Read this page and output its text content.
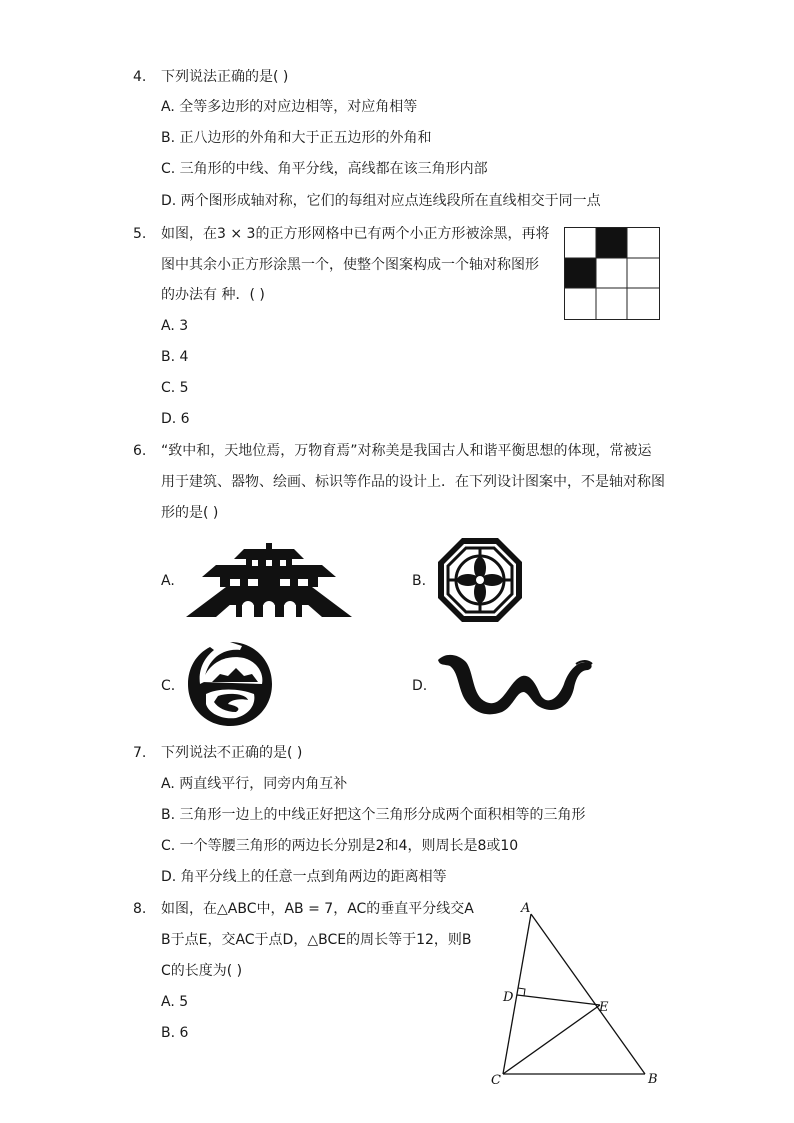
4. 下列说法正确的是( )
A. 全等多边形的对应边相等，对应角相等
B. 正八边形的外角和大于正五边形的外角和
C. 三角形的中线、角平分线，高线都在该三角形内部
D. 两个图形成轴对称，它们的每组对应点连线段所在直线相交于同一点
5. 如图，在3 × 3的正方形网格中已有两个小正方形被涂黑，再将
图中其余小正方形涂黑一个，使整个图案构成一个轴对称图形
的办法有 种．( )
A. 3
B. 4
C. 5
D. 6
6. “致中和，天地位焉，万物育焉”对称美是我国古人和谐平衡思想的体现，常被运
用于建筑、器物、绘画、标识等作品的设计上．在下列设计图案中，不是轴对称图
形的是( )
A.	B.
C.	D.
7. 下列说法不正确的是( )
A. 两直线平行，同旁内角互补
B. 三角形一边上的中线正好把这个三角形分成两个面积相等的三角形
C. 一个等腰三角形的两边长分别是2和4，则周长是8或10
D. 角平分线上的任意一点到角两边的距离相等
8. 如图，在△ABC中，AB = 7，AC的垂直平分线交A
B于点E，交AC于点D，△BCE的周长等于12，则B
C的长度为( )
A. 5
B. 6
A
B
C
D
E
